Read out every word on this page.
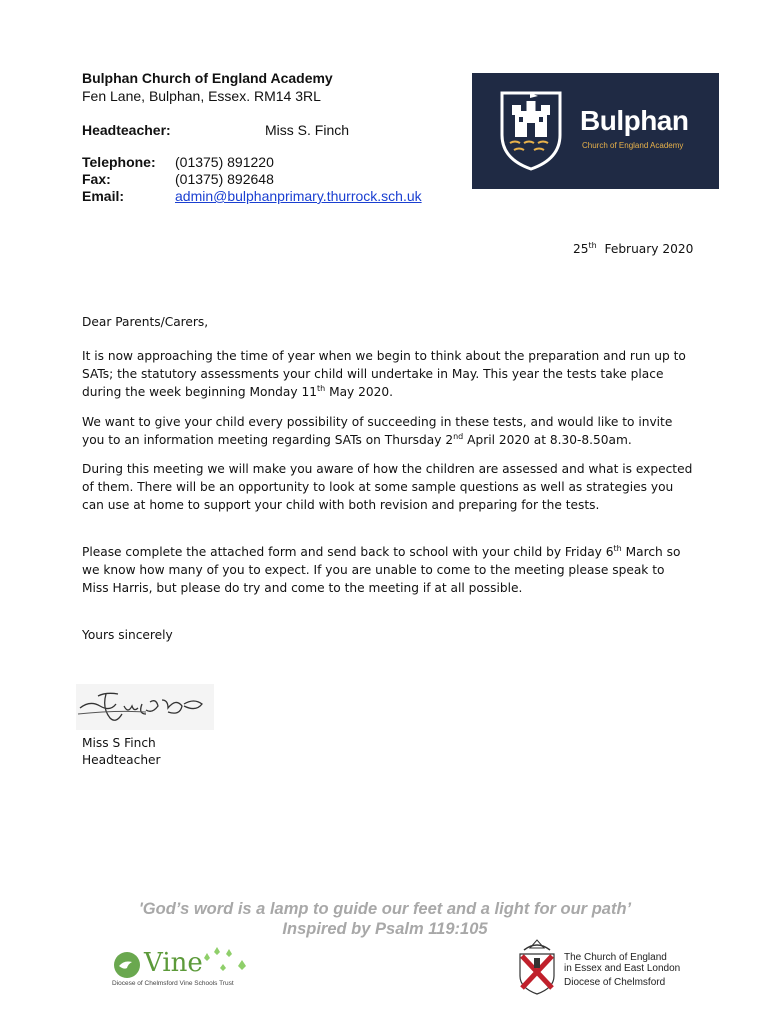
Bulphan Church of England Academy
Fen Lane, Bulphan, Essex. RM14 3RL
Headteacher:	Miss S. Finch
Telephone: (01375) 891220
Fax:	(01375) 892648
Email:	admin@bulphanprimary.thurrock.sch.uk
Bulphan
Church of England Academy
25th February 2020
Dear Parents/Carers,
It is now approaching the time of year when we begin to think about the preparation and run up to SATs; the statutory assessments your child will undertake in May. This year the tests take place during the week beginning Monday 11th May 2020.
We want to give your child every possibility of succeeding in these tests, and would like to invite you to an information meeting regarding SATs on Thursday 2nd April 2020 at 8.30-8.50am.
During this meeting we will make you aware of how the children are assessed and what is expected of them. There will be an opportunity to look at some sample questions as well as strategies you can use at home to support your child with both revision and preparing for the tests.
Please complete the attached form and send back to school with your child by Friday 6th March so we know how many of you to expect. If you are unable to come to the meeting please speak to Miss Harris, but please do try and come to the meeting if at all possible.
Yours sincerely
Miss S Finch
Headteacher
'God’s word is a lamp to guide our feet and a light for our path’
Inspired by Psalm 119:105
Vine
Diocese of Chelmsford Vine Schools Trust
The Church of England
in Essex and East London
Diocese of Chelmsford
